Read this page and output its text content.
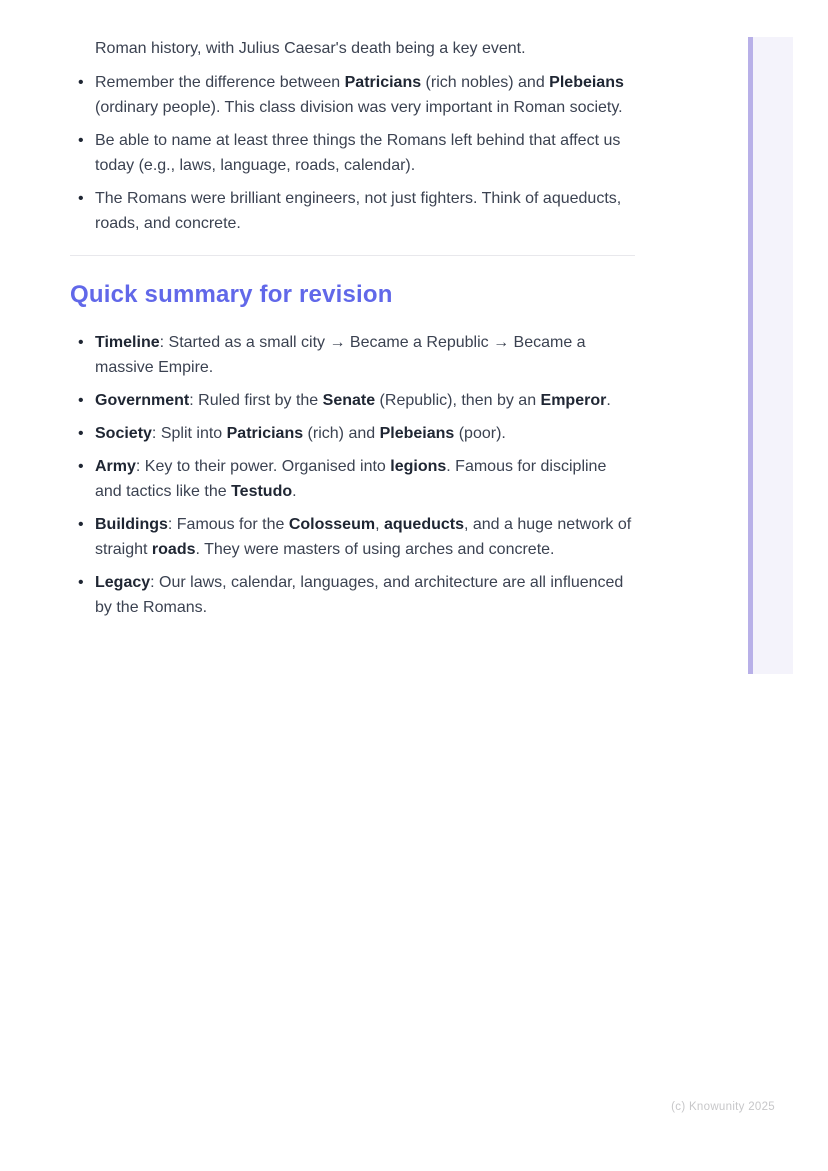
Roman history, with Julius Caesar's death being a key event.

• Remember the difference between Patricians (rich nobles) and Plebeians (ordinary people). This class division was very important in Roman society.
• Be able to name at least three things the Romans left behind that affect us today (e.g., laws, language, roads, calendar).
• The Romans were brilliant engineers, not just fighters. Think of aqueducts, roads, and concrete.
Quick summary for revision
• Timeline: Started as a small city → Became a Republic → Became a massive Empire.
• Government: Ruled first by the Senate (Republic), then by an Emperor.
• Society: Split into Patricians (rich) and Plebeians (poor).
• Army: Key to their power. Organised into legions. Famous for discipline and tactics like the Testudo.
• Buildings: Famous for the Colosseum, aqueducts, and a huge network of straight roads. They were masters of using arches and concrete.
• Legacy: Our laws, calendar, languages, and architecture are all influenced by the Romans.
(c) Knowunity 2025
